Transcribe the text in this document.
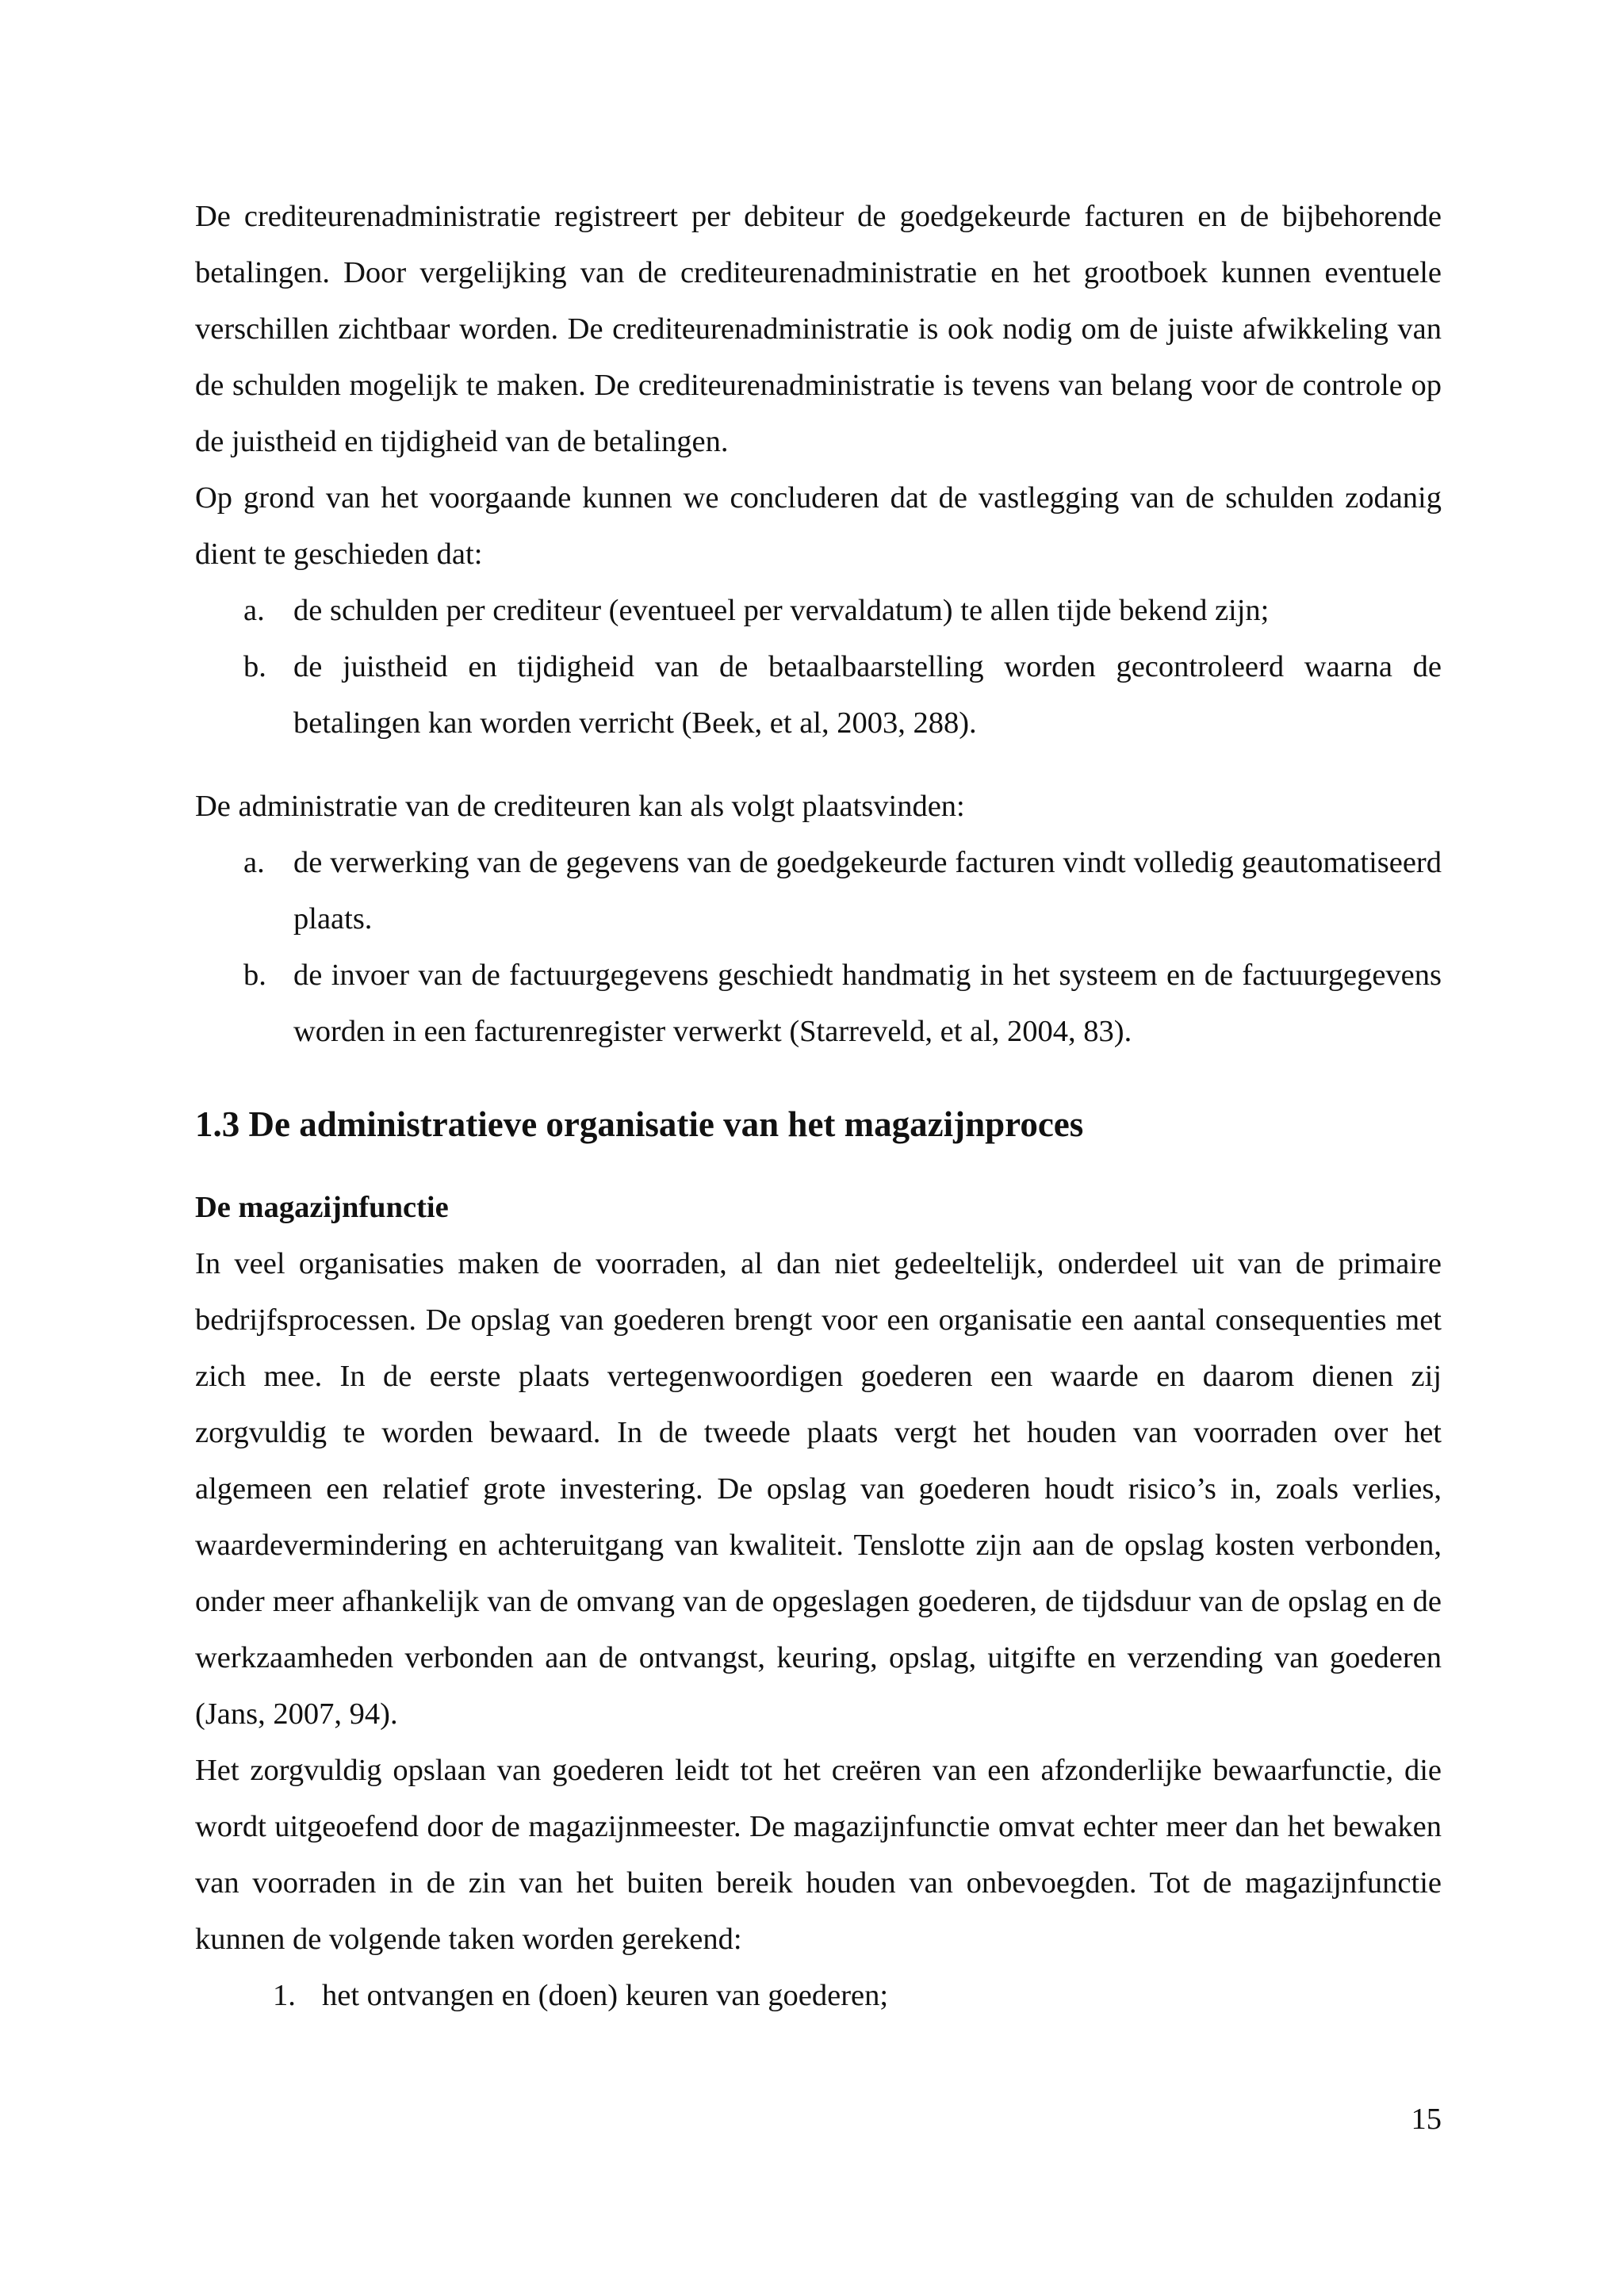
De crediteurenadministratie registreert per debiteur de goedgekeurde facturen en de bijbehorende betalingen. Door vergelijking van de crediteurenadministratie en het grootboek kunnen eventuele verschillen zichtbaar worden. De crediteurenadministratie is ook nodig om de juiste afwikkeling van de schulden mogelijk te maken. De crediteurenadministratie is tevens van belang voor de controle op de juistheid en tijdigheid van de betalingen.

Op grond van het voorgaande kunnen we concluderen dat de vastlegging van de schulden zodanig dient te geschieden dat:

a. de schulden per crediteur (eventueel per vervaldatum) te allen tijde bekend zijn;
b. de juistheid en tijdigheid van de betaalbaarstelling worden gecontroleerd waarna de betalingen kan worden verricht (Beek, et al, 2003, 288).

De administratie van de crediteuren kan als volgt plaatsvinden:

a. de verwerking van de gegevens van de goedgekeurde facturen vindt volledig geautomatiseerd plaats.
b. de invoer van de factuurgegevens geschiedt handmatig in het systeem en de factuurgegevens worden in een facturenregister verwerkt (Starreveld, et al, 2004, 83).
1.3 De administratieve organisatie van het magazijnproces
De magazijnfunctie

In veel organisaties maken de voorraden, al dan niet gedeeltelijk, onderdeel uit van de primaire bedrijfsprocessen. De opslag van goederen brengt voor een organisatie een aantal consequenties met zich mee. In de eerste plaats vertegenwoordigen goederen een waarde en daarom dienen zij zorgvuldig te worden bewaard. In de tweede plaats vergt het houden van voorraden over het algemeen een relatief grote investering. De opslag van goederen houdt risico’s in, zoals verlies, waardevermindering en achteruitgang van kwaliteit. Tenslotte zijn aan de opslag kosten verbonden, onder meer afhankelijk van de omvang van de opgeslagen goederen, de tijdsduur van de opslag en de werkzaamheden verbonden aan de ontvangst, keuring, opslag, uitgifte en verzending van goederen (Jans, 2007, 94).

Het zorgvuldig opslaan van goederen leidt tot het creëren van een afzonderlijke bewaarfunctie, die wordt uitgeoefend door de magazijnmeester. De magazijnfunctie omvat echter meer dan het bewaken van voorraden in de zin van het buiten bereik houden van onbevoegden. Tot de magazijnfunctie kunnen de volgende taken worden gerekend:

1. het ontvangen en (doen) keuren van goederen;
15
